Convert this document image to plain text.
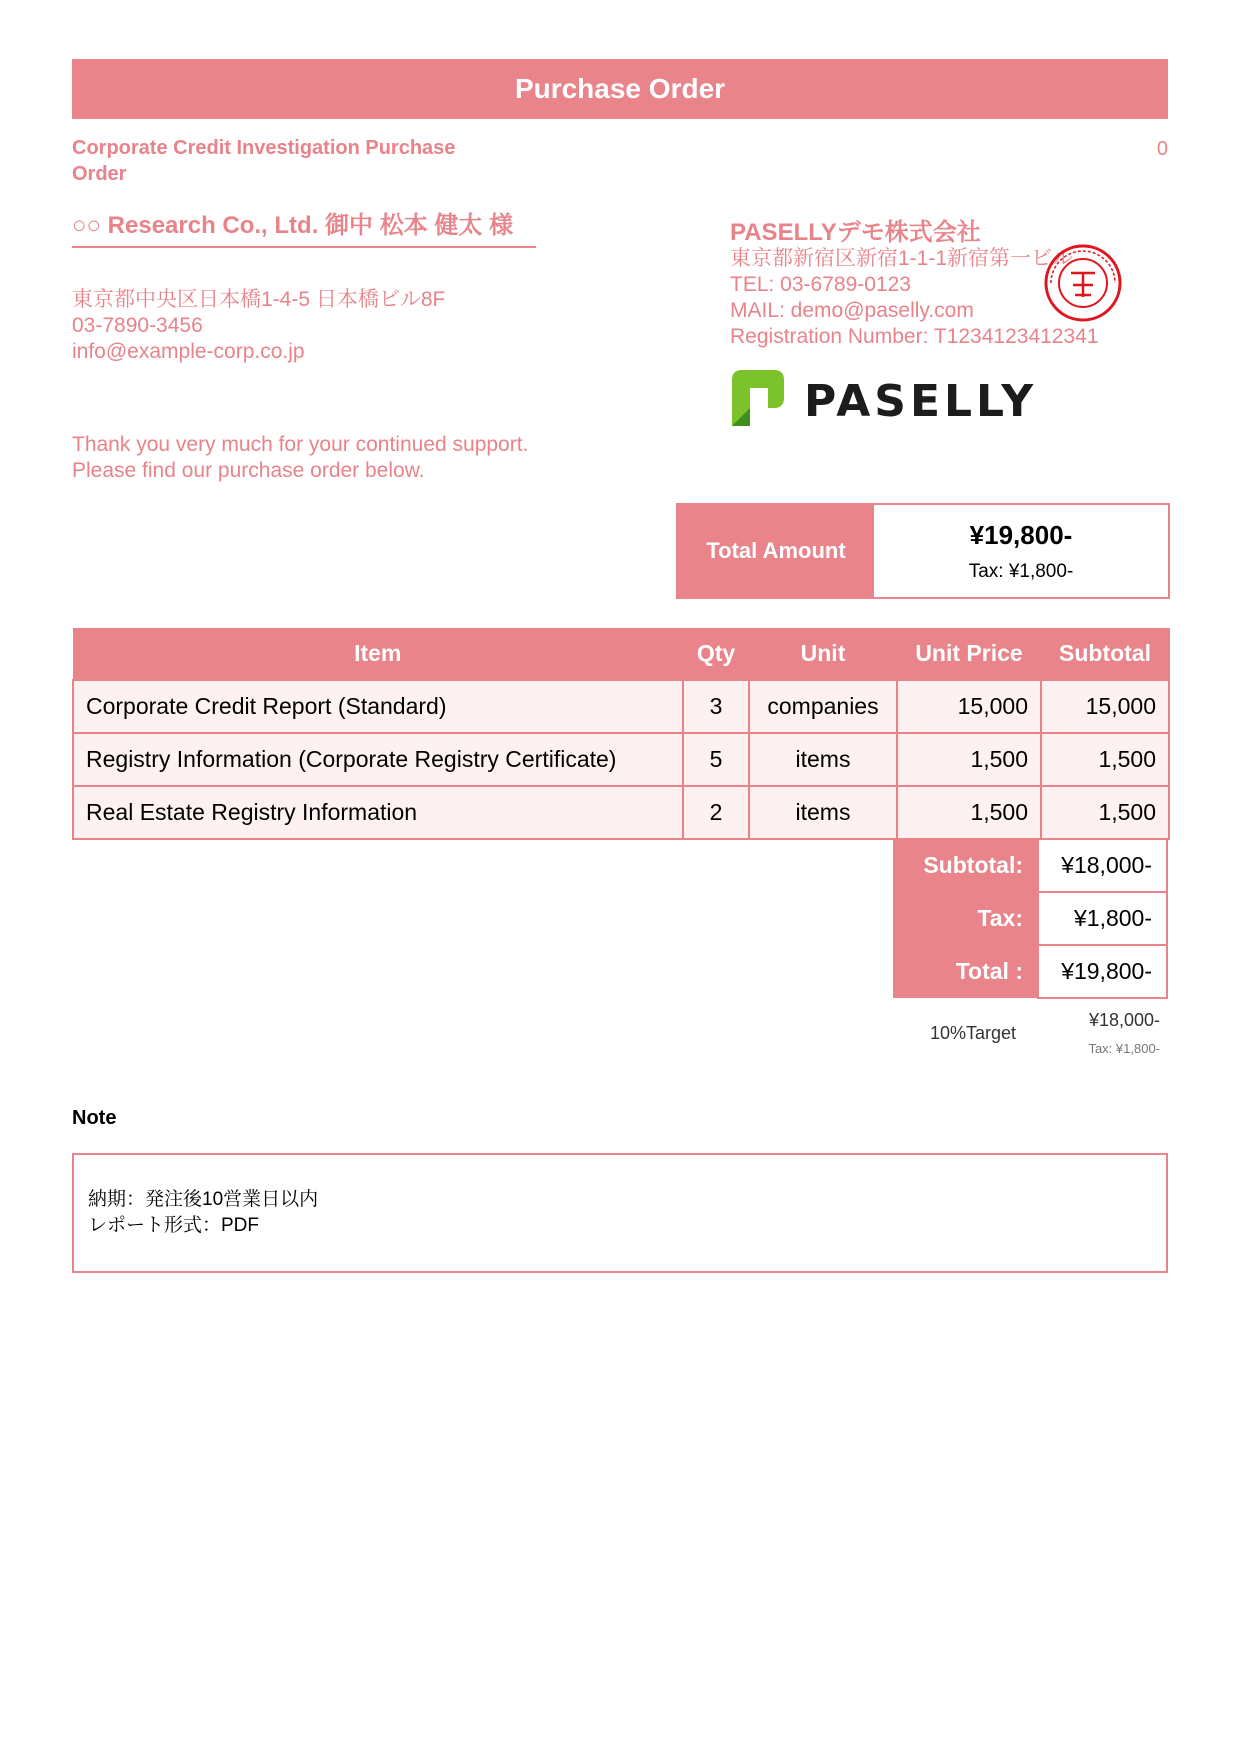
Purchase Order
Corporate Credit Investigation Purchase Order
0
○○ Research Co., Ltd. 御中 松本 健太 様
東京都中央区日本橋1-4-5 日本橋ビル8F
03-7890-3456
info@example-corp.co.jp
Thank you very much for your continued support.
Please find our purchase order below.
PASELLYデモ株式会社
東京都新宿区新宿1-1-1新宿第一ビル
TEL: 03-6789-0123
MAIL: demo@paselly.com
Registration Number: T1234123412341
PASELLY
Total Amount
¥19,800-
Tax: ¥1,800-
Item	Qty	Unit	Unit Price	Subtotal
Corporate Credit Report (Standard)	3	companies	15,000	15,000
Registry Information (Corporate Registry Certificate)	5	items	1,500	1,500
Real Estate Registry Information	2	items	1,500	1,500
Subtotal:	¥18,000-
Tax:	¥1,800-
Total :	¥19,800-
10%Target
¥18,000-
Tax: ¥1,800-
Note
納期：発注後10営業日以内
レポート形式：PDF
